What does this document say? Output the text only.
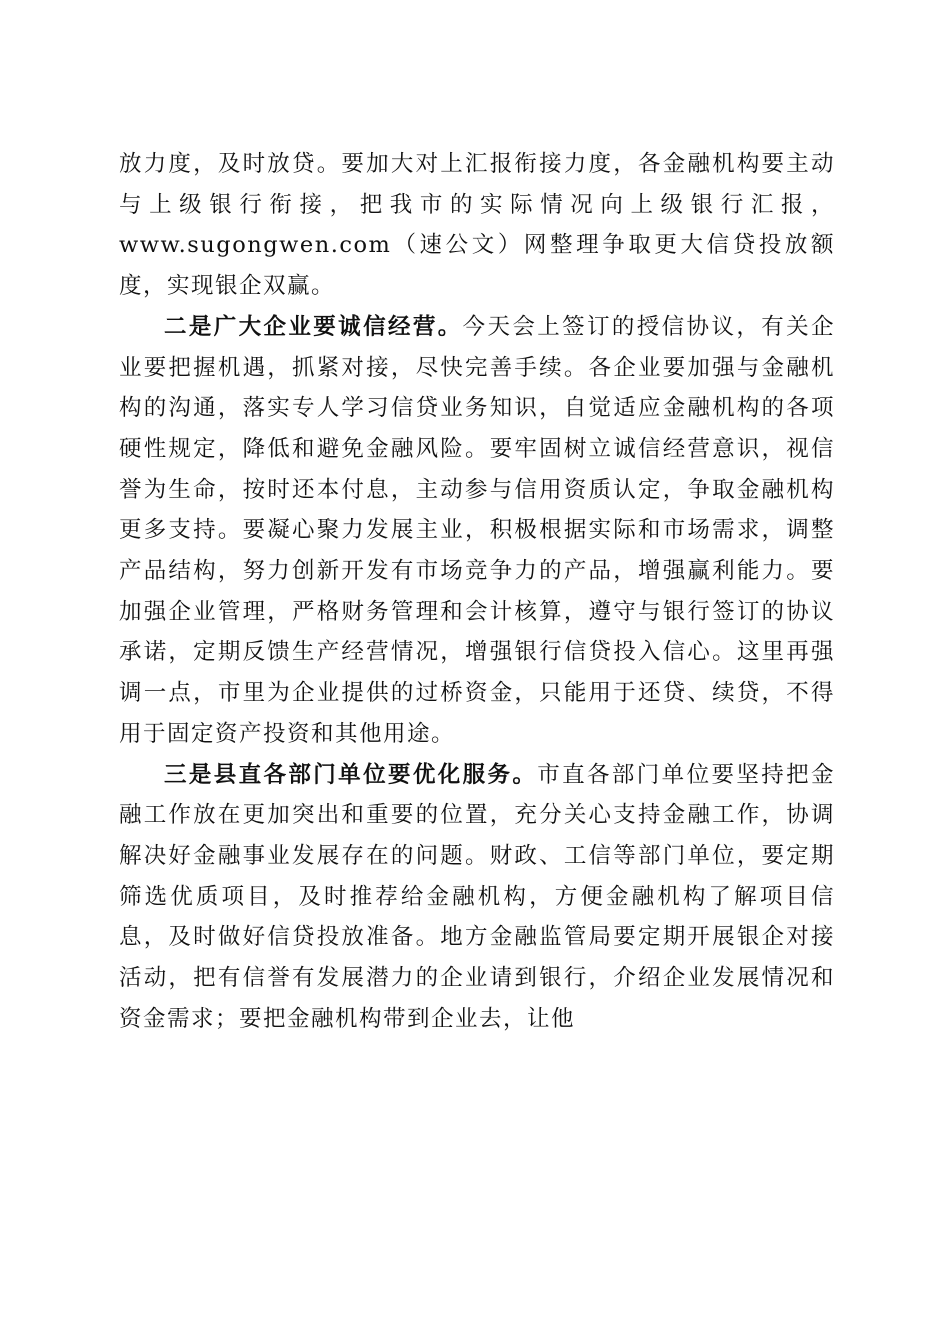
放力度，及时放贷。要加大对上汇报衔接力度，各金融机构要主动与上级银行衔接，把我市的实际情况向上级银行汇报，www.sugongwen.com（速公文）网整理争取更大信贷投放额度，实现银企双赢。

二是广大企业要诚信经营。今天会上签订的授信协议，有关企业要把握机遇，抓紧对接，尽快完善手续。各企业要加强与金融机构的沟通，落实专人学习信贷业务知识，自觉适应金融机构的各项硬性规定，降低和避免金融风险。要牢固树立诚信经营意识，视信誉为生命，按时还本付息，主动参与信用资质认定，争取金融机构更多支持。要凝心聚力发展主业，积极根据实际和市场需求，调整产品结构，努力创新开发有市场竞争力的产品，增强赢利能力。要加强企业管理，严格财务管理和会计核算，遵守与银行签订的协议承诺，定期反馈生产经营情况，增强银行信贷投入信心。这里再强调一点，市里为企业提供的过桥资金，只能用于还贷、续贷，不得用于固定资产投资和其他用途。

三是县直各部门单位要优化服务。市直各部门单位要坚持把金融工作放在更加突出和重要的位置，充分关心支持金融工作，协调解决好金融事业发展存在的问题。财政、工信等部门单位，要定期筛选优质项目，及时推荐给金融机构，方便金融机构了解项目信息，及时做好信贷投放准备。地方金融监管局要定期开展银企对接活动，把有信誉有发展潜力的企业请到银行，介绍企业发展情况和资金需求；要把金融机构带到企业去，让他
